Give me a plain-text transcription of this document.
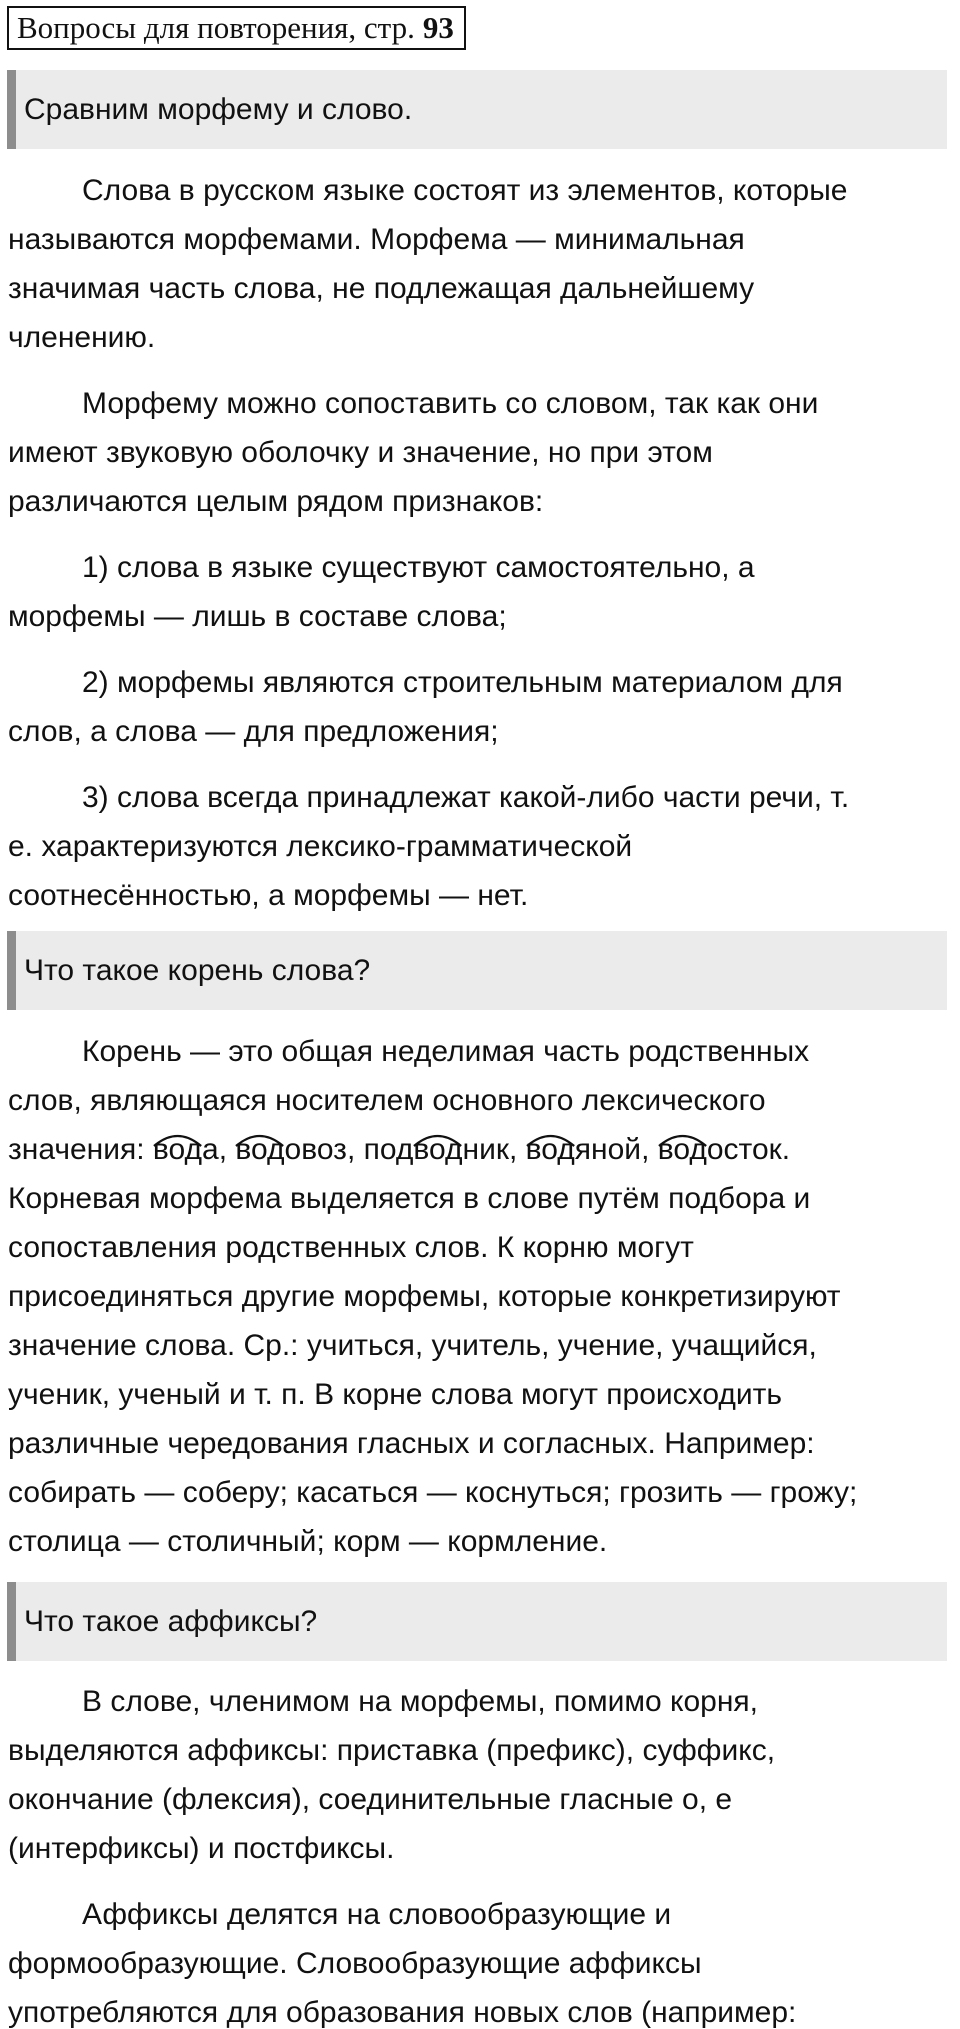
Вопросы для повторения, стр. 93
Сравним морфему и слово.
Слова в русском языке состоят из элементов, которые
называются морфемами. Морфема — минимальная
значимая часть слова, не подлежащая дальнейшему
членению.
Морфему можно сопоставить со словом, так как они
имеют звуковую оболочку и значение, но при этом
различаются целым рядом признаков:
1) слова в языке существуют самостоятельно, а
морфемы — лишь в составе слова;
2) морфемы являются строительным материалом для
слов, а слова — для предложения;
3) слова всегда принадлежат какой-либо части речи, т.
е. характеризуются лексико-грамматической
соотнесённостью, а морфемы — нет.
Что такое корень слова?
Корень — это общая неделимая часть родственных
слов, являющаяся носителем основного лексического
значения: вод
а, вод
овоз, подвод
ник, вод
яной, вод
осток.
Корневая морфема выделяется в слове путём подбора и
сопоставления родственных слов. К корню могут
присоединяться другие морфемы, которые конкретизируют
значение слова. Ср.: учиться, учитель, учение, учащийся,
ученик, ученый и т. п. В корне слова могут происходить
различные чередования гласных и согласных. Например:
собирать — соберу; касаться — коснуться; грозить — грожу;
столица — столичный; корм — кормление.
Что такое аффиксы?
В слове, членимом на морфемы, помимо корня,
выделяются аффиксы: приставка (префикс), суффикс,
окончание (флексия), соединительные гласные о, е
(интерфиксы) и постфиксы.
Аффиксы делятся на словообразующие и
формообразующие. Словообразующие аффиксы
употребляются для образования новых слов (например:
